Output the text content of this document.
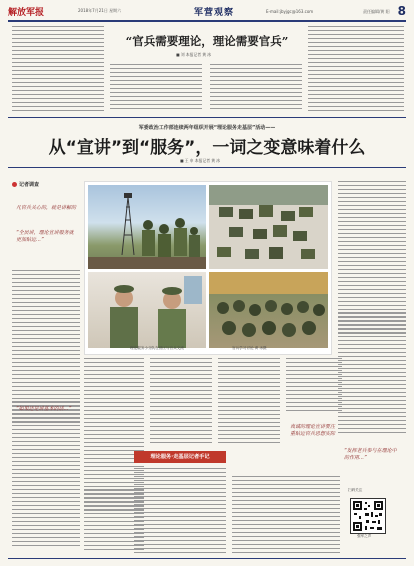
解放军报	2018年7月21日 星期六	军营观察	E-mail:jbyjgc@163.com	责任编辑/黄 阳 8
“官兵需要理论，理论需要官兵”
■ 刘 本报记者 黄 冰
军委政治工作部连续两年组织开展“理论服务走基层”活动——
从“宣讲”到“服务”，一词之变意味着什么
■ 王 申 本报记者 黄 冰
记者调查
凡官兵关心的，就是讲解的
“全员讲，理论宣讲服务就更加贴近…”
理论服务小分队在营区与官兵交流	官兵学习讨论 黄 冰摄
“如果还是讲基本的话…”
真诚的理论宣讲要注重贴近官兵思想实际
“发挥老兵参与在理论中的作用…”
理论服务·走基层记者手记
扫码关注
强军之声
